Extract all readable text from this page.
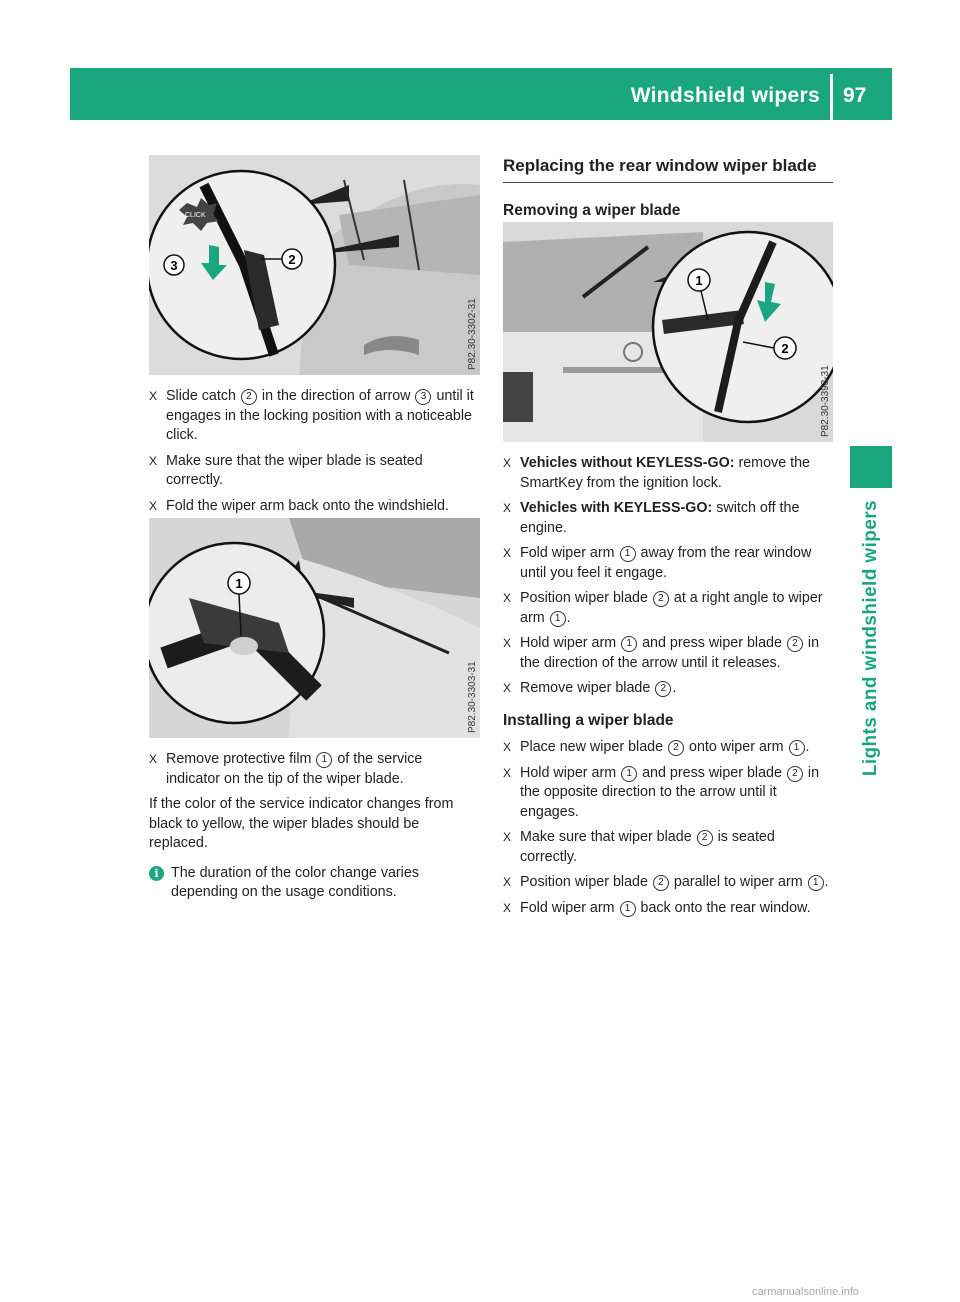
Windshield wipers 97
Lights and windshield wipers
CLICK
3	2
P82.30-3302-31
X Slide catch 2 in the direction of arrow 3 until it engages in the locking position with a noticeable click.
X Make sure that the wiper blade is seated correctly.
X Fold the wiper arm back onto the windshield.
1
P82.30-3303-31
X Remove protective film 1 of the service indicator on the tip of the wiper blade.
If the color of the service indicator changes from black to yellow, the wiper blades should be replaced.
i The duration of the color change varies depending on the usage conditions.
Replacing the rear window wiper blade
Removing a wiper blade
1
2
P82.30-3398-31
X Vehicles without KEYLESS-GO: remove the SmartKey from the ignition lock.
X Vehicles with KEYLESS-GO: switch off the engine.
X Fold wiper arm 1 away from the rear window until you feel it engage.
X Position wiper blade 2 at a right angle to wiper arm 1 .
X Hold wiper arm 1 and press wiper blade 2 in the direction of the arrow until it releases.
X Remove wiper blade 2 .
Installing a wiper blade
X Place new wiper blade 2 onto wiper arm 1 .
X Hold wiper arm 1 and press wiper blade 2 in the opposite direction to the arrow until it engages.
X Make sure that wiper blade 2 is seated correctly.
X Position wiper blade 2 parallel to wiper arm 1 .
X Fold wiper arm 1 back onto the rear window.
carmanualsonline.info
